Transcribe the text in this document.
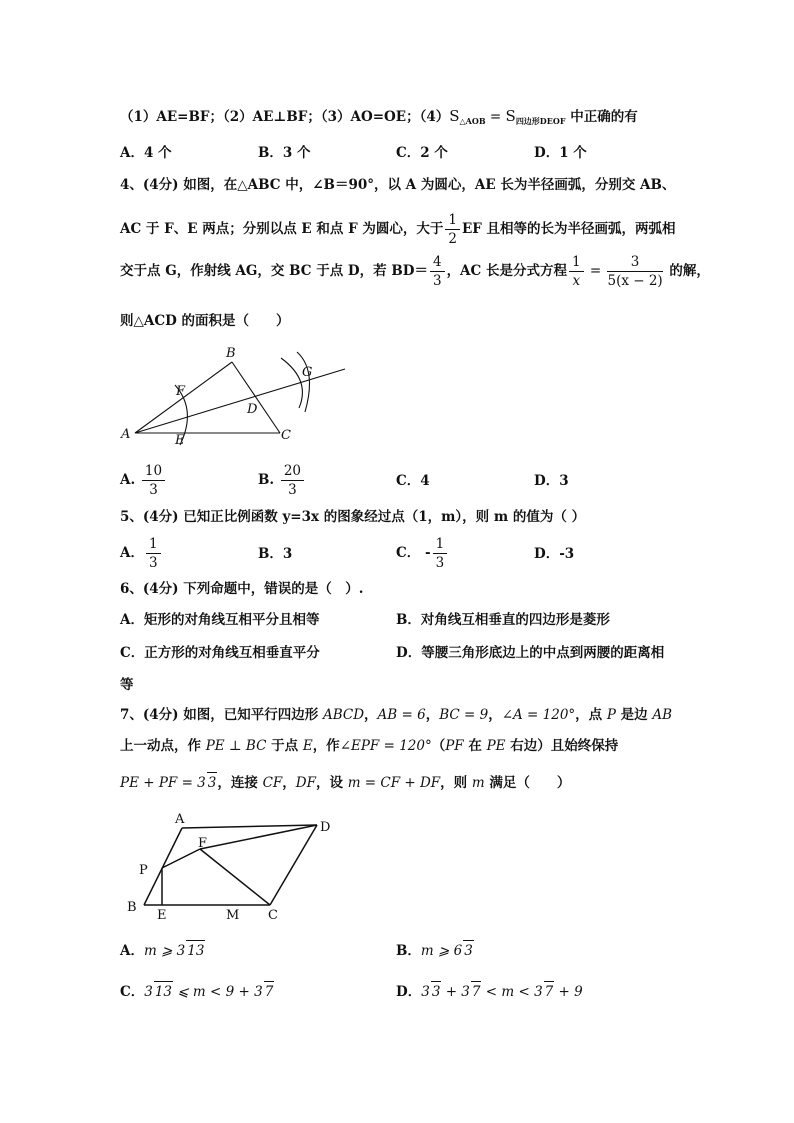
（1）AE=BF；（2）AE⊥BF；（3）AO=OE；$(4)S_{\triangle AOB} = S_{四边形DEOF}$ 中正确的有
A．4 个	B．3 个	C．2 个	D．1 个
4、(4分) 如图，在△ABC 中，∠B＝90°，以 A 为圆心，AE 长为半径画弧，分别交 AB、
AC 于 F、E 两点；分别以点 E 和点 F 为圆心，大于 $\frac{1}{2}$ EF 且相等的长为半径画弧，两弧相
交于点 G，作射线 AG，交 BC 于点 D，若 $BD= \frac{4}{3}$ ，AC 长是分式方程 $\frac{1}{x} = \frac{3}{5(x - 2)}$ 的解，
则△ACD 的面积是（　　）
A
B
C
D
E
F
G
A. $\frac{10}{3}$	B. $\frac{20}{3}$	C．4	D．3
5、(4分) 已知正比例函数 y=3x 的图象经过点（1，m），则 m 的值为（ ）
A． $\frac{1}{3}$	B．3	C． - $\frac{1}{3}$	D．-3
6、(4分) 下列命题中，错误的是（　）.
A．矩形的对角线互相平分且相等	B．对角线互相垂直的四边形是菱形
C．正方形的对角线互相垂直平分	D．等腰三角形底边上的中点到两腰的距离相
等
7、(4分) 如图，已知平行四边形 ABCD，AB = 6，BC = 9，∠A = 120°，点 P 是边 AB
上一动点，作 PE ⊥ BC 于点 E，作∠EPF = 120°（PF 在 PE 右边）且始终保持
PE + PF = 3 3，连接 CF，DF，设 m = CF + DF，则 m 满足（　　）
A
D
F
P
B
E	M C
A．m ⩾ 3 13	B．m ⩾ 6 3
C．3 13 ⩽ m < 9 + 3 7	D．3 3 + 3 7 < m < 3 7 + 9
